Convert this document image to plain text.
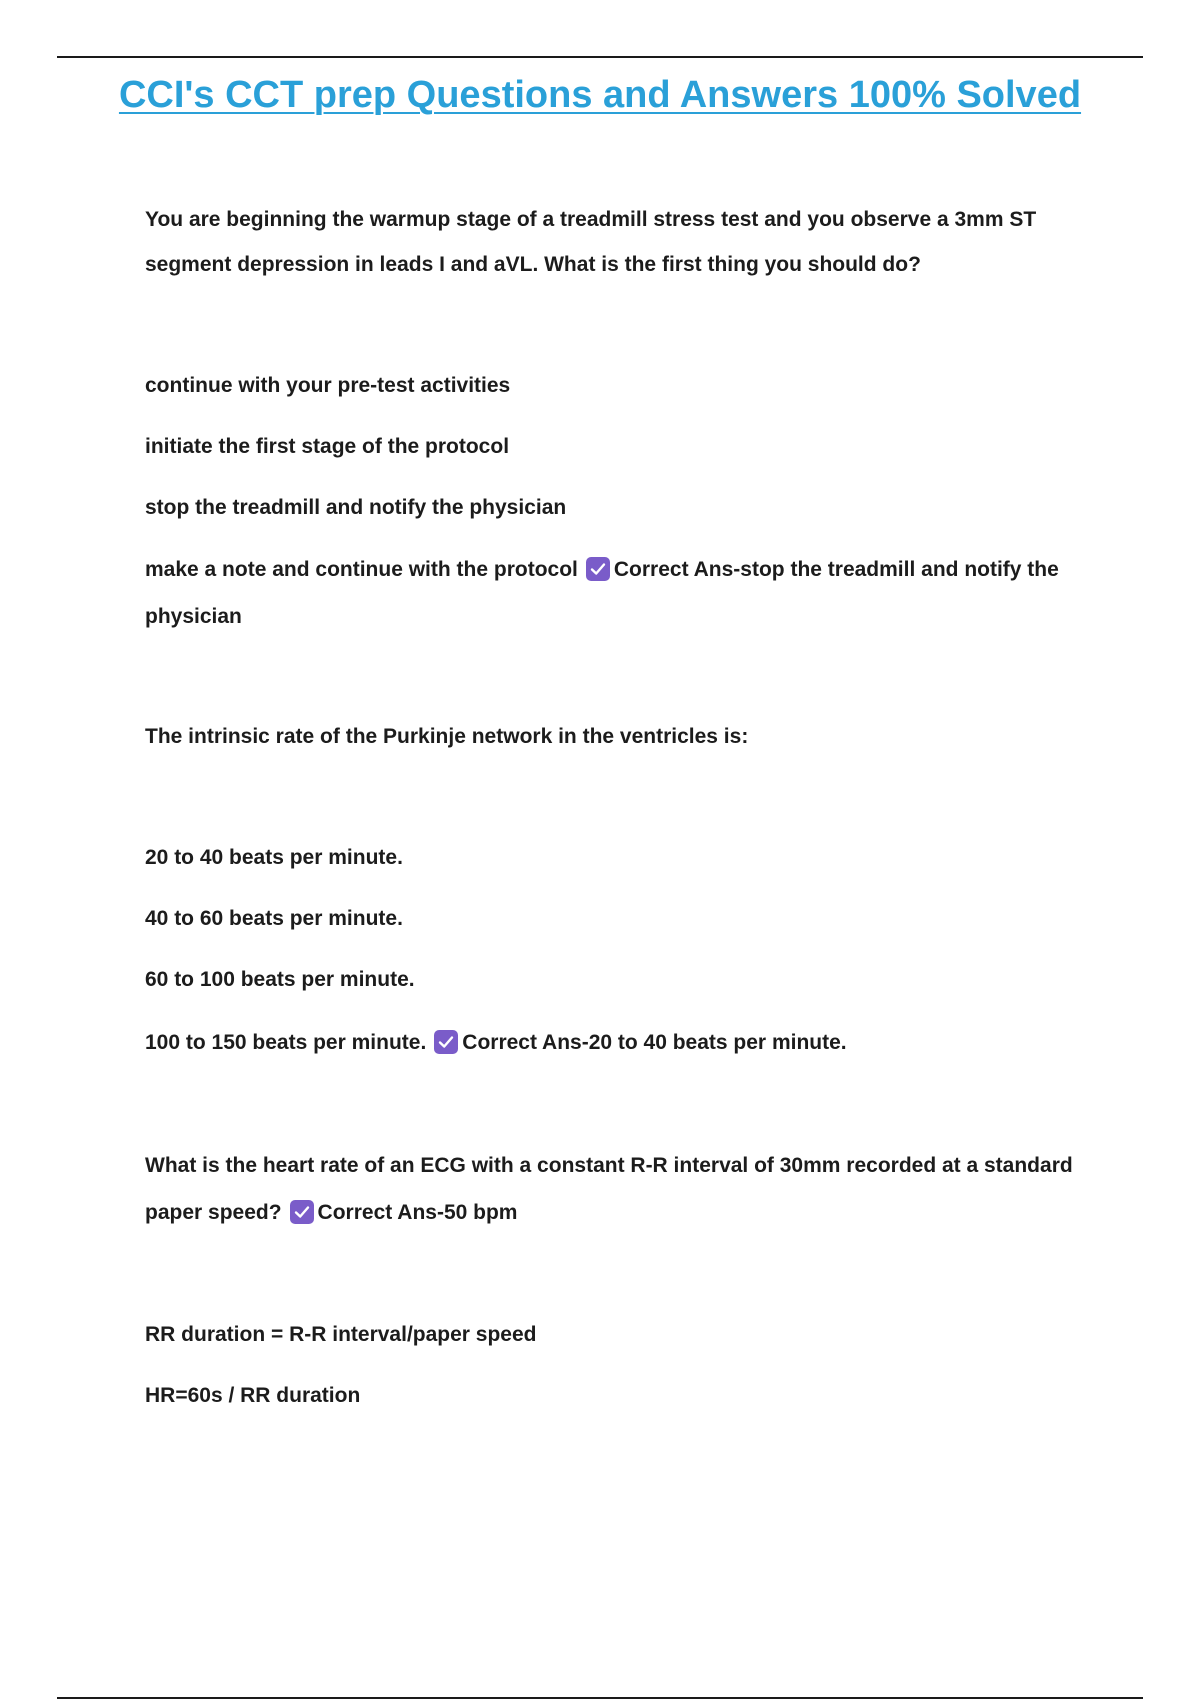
CCI's CCT prep Questions and Answers 100% Solved

You are beginning the warmup stage of a treadmill stress test and you observe a 3mm ST

segment depression in leads I and aVL. What is the first thing you should do?

continue with your pre-test activities

initiate the first stage of the protocol

stop the treadmill and notify the physician

make a note and continue with the protocol Correct Ans-stop the treadmill and notify the

physician

The intrinsic rate of the Purkinje network in the ventricles is:

20 to 40 beats per minute.

40 to 60 beats per minute.

60 to 100 beats per minute.

100 to 150 beats per minute. Correct Ans-20 to 40 beats per minute.

What is the heart rate of an ECG with a constant R-R interval of 30mm recorded at a standard

paper speed? Correct Ans-50 bpm

RR duration = R-R interval/paper speed

HR=60s / RR duration
